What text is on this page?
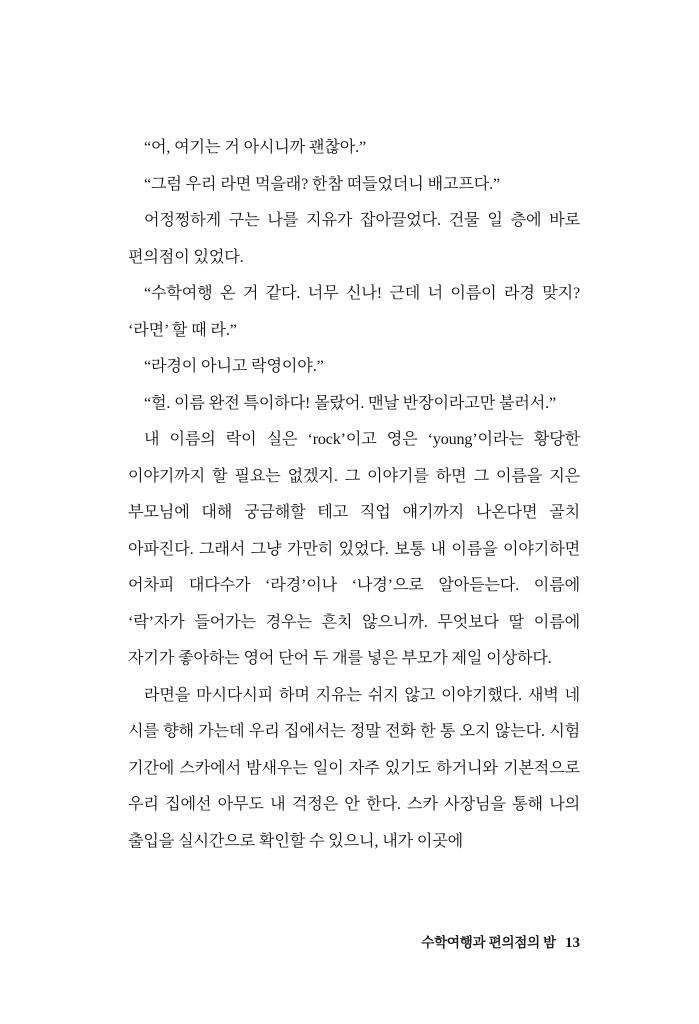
“어, 여기는 거 아시니까 괜찮아.”

“그럼 우리 라면 먹을래? 한참 떠들었더니 배고프다.”

어정쩡하게 구는 나를 지유가 잡아끌었다. 건물 일 층에 바로 편의점이 있었다.

“수학여행 온 거 같다. 너무 신나! 근데 너 이름이 라경 맞지? ‘라면’ 할 때 라.”

“라경이 아니고 락영이야.”

“헐. 이름 완전 특이하다! 몰랐어. 맨날 반장이라고만 불러서.”

내 이름의 락이 실은 ‘rock’이고 영은 ‘young’이라는 황당한 이야기까지 할 필요는 없겠지. 그 이야기를 하면 그 이름을 지은 부모님에 대해 궁금해할 테고 직업 얘기까지 나온다면 골치 아파진다. 그래서 그냥 가만히 있었다. 보통 내 이름을 이야기하면 어차피 대다수가 ‘라경’이나 ‘나경’으로 알아듣는다. 이름에 ‘락’자가 들어가는 경우는 흔치 않으니까. 무엇보다 딸 이름에 자기가 좋아하는 영어 단어 두 개를 넣은 부모가 제일 이상하다.

라면을 마시다시피 하며 지유는 쉬지 않고 이야기했다. 새벽 네 시를 향해 가는데 우리 집에서는 정말 전화 한 통 오지 않는다. 시험 기간에 스카에서 밤새우는 일이 자주 있기도 하거니와 기본적으로 우리 집에선 아무도 내 걱정은 안 한다. 스카 사장님을 통해 나의 출입을 실시간으로 확인할 수 있으니, 내가 이곳에

수학여행과 편의점의 밤 13
